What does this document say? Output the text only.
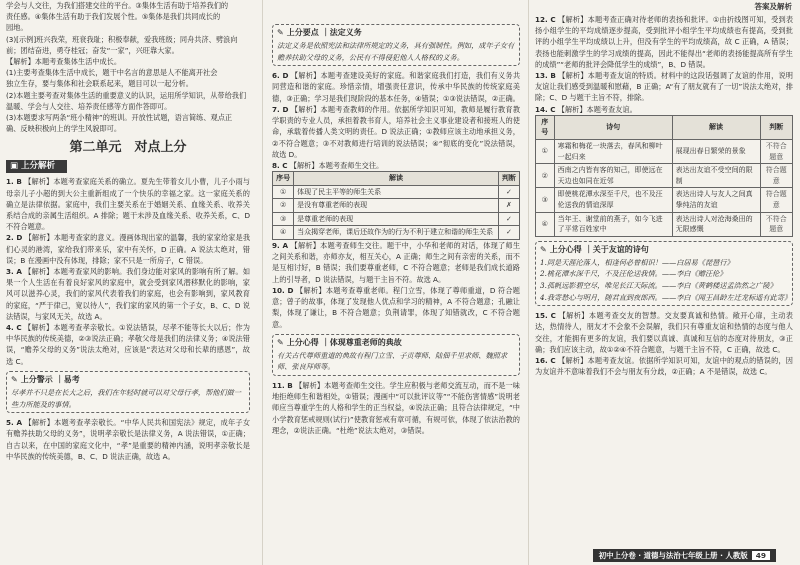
答案及解析

学会与人交往，为我们搭建交往的平台。③集体生活有助于培养我们的

责任感。④集体生活有助于我们发展个性。⑤集体是我们共同成长的

园地。

(3)[示例]班兴我荣，班衰我耻；积极奉献，爱我班级；同舟共济、劈浪向

前；团结奋进，勇夺桂冠；奋发“一家”，兴旺靠大家。

【解析】本题考查集体生活中成长。

(1)主要考查集体生活中成长，题干中名言的意思是人不能离开社会

独立生存，要与集体和社会联系起来，题目可以一起分析。

(2)本题主要考查对集体生活的重要意义的认识，运用所学知识，从带给我们

温暖、学会与人交往、培养责任感等方面作答即可。

(3)本题要求写两条“班小精神”的班训。开放性试题，语言简练、观点正

确、反映积极向上的学生风貌即可。

第二单元　对点上分
▣ 上分解析

1. B 【解析】本题考查家庭关系的确立。夏先生带着女儿小曹，儿子小雨与母亲儿子小超的到大公主重新组成了一个快乐的幸福之家。这一家庭关系的确立是法律依据。家庭中，我们主要关系在于婚姻关系、血缘关系、收养关系结合成的亲属生活组织。A 排除；题干未涉及血缘关系、收养关系，C、D 不符合题意。

2. D 【解析】本题考查家的意义。漫画体现出家的温馨，我的家家给家是我们心灵的港湾，家给我们带来乐，家中有关怀，D 正确。A 说法太绝对，错误；B 在漫画中没有体现，排除；家不只是一所房子，C 错误。

3. A 【解析】本题考查家风的影响。我们身边能对家风的影响有所了解。如果一个人生活在有着良好家风的家庭中，就会受到家风潜移默化的影响，家风可以滋养心灵，我们的家风代表着我们的家庭，也会有影响到，家风教育的家庭，“严于律己，宽以待人”，我们家的家风的第一个子女，B、C、D 说法错误，与家风无关，故选 A。

4. C 【解析】本题考查孝亲敬长。①说法错误，尽孝不能等长大以后；作为中华民族的传统美德，②③说法正确；孝敬父母是我们的法律义务；④说法错误，“赡养父母的义务”说法太绝对，应该是“表达对父母和长辈的感恩”，故选 C。

✎ 上分警示 ｜易考
尽孝并不只是在长大之后，我们在年轻时就可以对父母行孝，帮他们做一些力所能及的事情。

5. A 【解析】本题考查孝亲敬长。“中华人民共和国宪法》规定，成年子女有赡养扶助父母的义务”，说明孝亲敬长是法律义务，A 说法错误，①正确；自古以来，在中国的家庭文化中，“孝”是重要的精神内涵，说明孝亲敬长是中华民族的传统美德，B、C、D 说法正确，故选 A。

✎ 上分要点 ｜法定义务
法定义务是依照宪法和法律所规定的义务，具有强制性。例如，成年子女有赡养扶助父母的义务，公民有不得侵犯他人人格权的义务。

6. D 【解析】本题考查建设美好的家庭。和谐家庭我们打造，我们有义务共同营造和谐的家庭。珍惜亲情，增强责任意识，传承中华民族的传统家庭美德，③正确；学习是我们现阶段的基本任务，④错误；①③说法错误，②正确。

7. D 【解析】本题考查教师的作用。依据所学知识可知，教师是履行教育教学职责的专业人员，承担着教书育人，培养社会主义事业建设者和接班人的使命，承载着传播人类文明的责任。D 说法正确；①教师应该主动地承担义务，②不符合题意；③不对教师进行培训的说法错误；④“彻底的变化”说法错误，故选 D。

8. C 【解析】本题考查师生交往。

序号	解读	判断
①	体现了民主平等的师生关系	✓
②	是没有尊重老师的表现	✗
③	是尊重老师的表现	✓
④	当众揭穿老师，课后还故作为的行为不利于建立和谐的师生关系	✓

9. A 【解析】本题考查师生交往。题干中，小华和老师的对话，体现了师生之间关系和谐，亦师亦友，相互关心，A 正确；师生之间有亲密的关系，而不是互相讨好，B 错误；我们要尊重老师，C 不符合题意；老师是我们成长道路上的引导者，D 说法错误，与题干主旨不符。故选 A。

10. D 【解析】本题考查尊重老师。程门立雪，体现了尊师重道，D 符合题意；曾子的故事，体现了发现他人优点和学习的精神，A 不符合题意；孔融让梨，体现了谦让，B 不符合题意；负荆请罪，体现了知错就改，C 不符合题意。

✎ 上分心得 ｜体现尊重老师的典故
有关古代尊师重道的典故有程门立雪、子贡尊师、陆佃千里求师、魏照求师、张良拜师等。

11. B 【解析】本题考查师生交往。学生应积极与老师交流互动，而不是一味地拒绝师生和谐相处，①错误；漫画中“可以批评议等”“不能伤害情感”说明老师应当尊重学生的人格和学生的正当权益，④说法正确；且符合法律规定，“中小学教育惩戒规则(试行)”使教育惩戒有章可循，有规可依，体现了依法治教的理念，②说法正确。“杜绝”说法太绝对，③错误。

12. C 【解析】本题考查正确对待老师的表扬和批评。①由折线图可知，受到表扬小组学生的平均成绩逐步提高，受到批评小组学生平均成绩也有提高，受到批评的小组学生平均成绩以上升，但没有学生的平均成绩高，故 C 正确，A 错误；表扬也能刺激学生的学习成绩的提高，因此不能得出“老师的表扬能提高所有学生的成绩”“老师的批评会降低学生的成绩”，B、D 错误。

13. B 【解析】本题考查友谊的特质。材料中的这段话强调了友谊的作用，说明友谊让我们感受到温暖和慰藉，B 正确；A“有了朋友就有了一切”说法太绝对，排除；C、D 与题干主旨不符，排除。

14. C 【解析】本题考查友谊。

序号	诗句	解读	判断
①	寒霜和梅花一块落去，春风和柳叶一起归来	展现出春日繁荣的景象	不符合题意
②	西南之内皆有客的知己，即使远在天边也如同在近邻	表达出友谊不受空间的限制	符合题意
③	即使桃花潭水深至千尺，也不及汪伦送我的情谊深厚	表达出诗人与友人之间真挚纯洁的友谊	符合题意
④	当年王、谢堂前的燕子，如今飞进了平常百姓家中	表达出诗人对沧海桑田的无限感慨	不符合题意
✎ 上分心得 ｜关于友谊的诗句
1.同是天涯沦落人，相逢何必曾相识！——白居易《琵琶行》
2.桃花潭水深千尺，不及汪伦送我情。——李白《赠汪伦》
3.孤帆远影碧空尽，唯见长江天际流。——李白《黄鹤楼送孟浩然之广陵》
4.我寄愁心与明月，随君直到夜郎西。——李白《闻王昌龄左迁龙标遥有此寄》

15. C 【解析】本题考查交友的智慧。交友要真诚和热情。敞开心扉，主动表达，热情待人，朋友才不会象不会误解，我们只有尊重友谊和热情的态度与他人交往，才能拥有更多的友谊，我们要以真诚、真诚和互信的态度对待朋友，③正确；我们应该主动，故①②④不符合题意，与题干主旨不符，C 正确，故选 C。

16. C 【解析】本题考查友谊。依据所学知识可知，友谊中的观点的错误的，因为友谊并不意味着我们不会与朋友有分歧，②正确；A 不是错误，故选 C。

初中上分卷 · 道德与法治七年级上册 · 人教版 49
